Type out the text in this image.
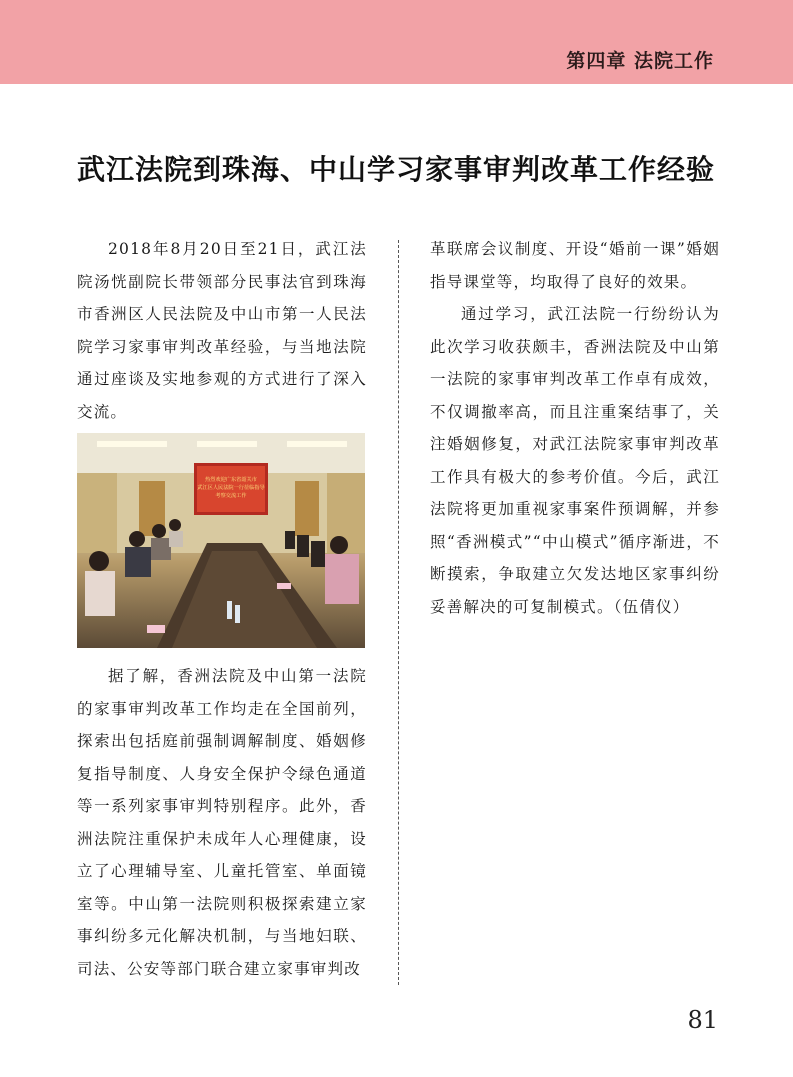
第四章 法院工作
武江法院到珠海、中山学习家事审判改革工作经验

2018年8月20日至21日，武江法院汤恍副院长带领部分民事法官到珠海市香洲区人民法院及中山市第一人民法院学习家事审判改革经验，与当地法院通过座谈及实地参观的方式进行了深入交流。

热烈欢迎广东省韶关市
武江区人民法院一行莅临指导
考察交流工作

据了解，香洲法院及中山第一法院的家事审判改革工作均走在全国前列，探索出包括庭前强制调解制度、婚姻修复指导制度、人身安全保护令绿色通道等一系列家事审判特别程序。此外，香洲法院注重保护未成年人心理健康，设立了心理辅导室、儿童托管室、单面镜室等。中山第一法院则积极探索建立家事纠纷多元化解决机制，与当地妇联、司法、公安等部门联合建立家事审判改

革联席会议制度、开设“婚前一课”婚姻指导课堂等，均取得了良好的效果。

通过学习，武江法院一行纷纷认为此次学习收获颇丰，香洲法院及中山第一法院的家事审判改革工作卓有成效，不仅调撤率高，而且注重案结事了，关注婚姻修复，对武江法院家事审判改革工作具有极大的参考价值。今后，武江法院将更加重视家事案件预调解，并参照“香洲模式”“中山模式”循序渐进，不断摸索，争取建立欠发达地区家事纠纷妥善解决的可复制模式。（伍倩仪）

81
